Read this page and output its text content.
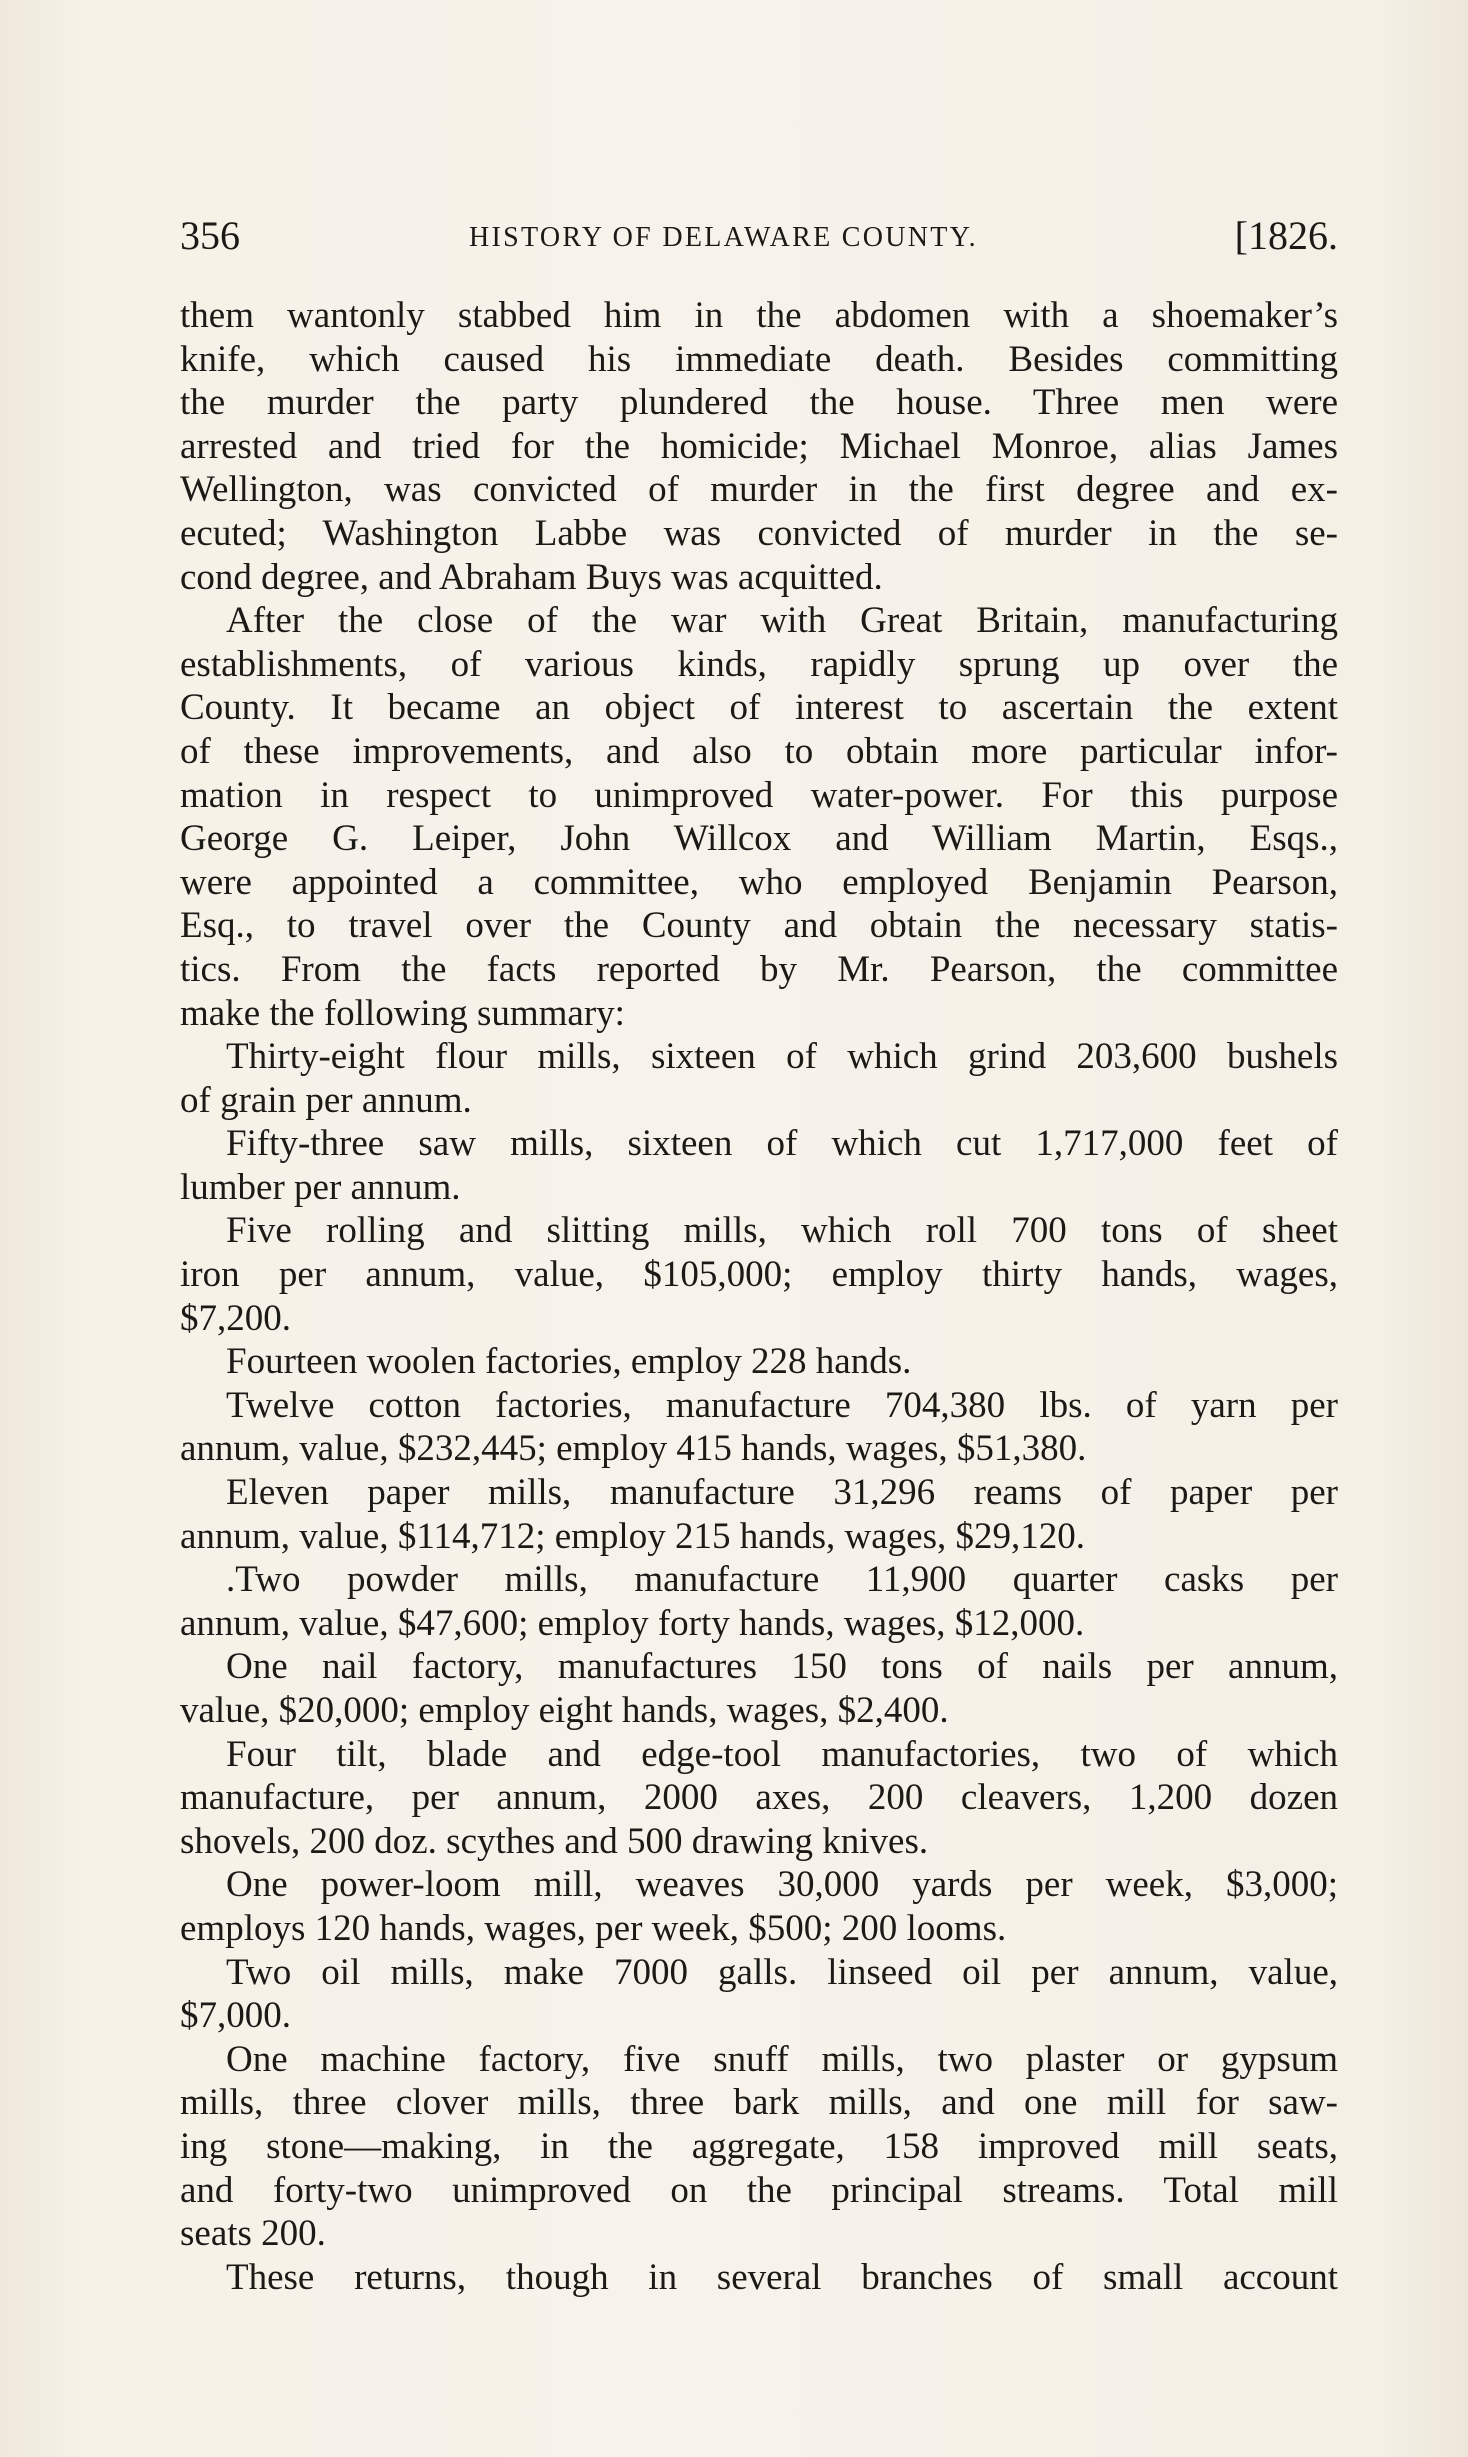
356	HISTORY OF DELAWARE COUNTY.	[1826.
them wantonly stabbed him in the abdomen with a shoemaker’s
knife, which caused his immediate death. Besides committing
the murder the party plundered the house. Three men were
arrested and tried for the homicide; Michael Monroe, alias James
Wellington, was convicted of murder in the first degree and ex-
ecuted; Washington Labbe was convicted of murder in the se-
cond degree, and Abraham Buys was acquitted.
After the close of the war with Great Britain, manufacturing
establishments, of various kinds, rapidly sprung up over the
County. It became an object of interest to ascertain the extent
of these improvements, and also to obtain more particular infor-
mation in respect to unimproved water-power. For this purpose
George G. Leiper, John Willcox and William Martin, Esqs.,
were appointed a committee, who employed Benjamin Pearson,
Esq., to travel over the County and obtain the necessary statis-
tics. From the facts reported by Mr. Pearson, the committee
make the following summary:
Thirty-eight flour mills, sixteen of which grind 203,600 bushels
of grain per annum.
Fifty-three saw mills, sixteen of which cut 1,717,000 feet of
lumber per annum.
Five rolling and slitting mills, which roll 700 tons of sheet
iron per annum, value, $105,000; employ thirty hands, wages,
$7,200.
Fourteen woolen factories, employ 228 hands.
Twelve cotton factories, manufacture 704,380 lbs. of yarn per
annum, value, $232,445; employ 415 hands, wages, $51,380.
Eleven paper mills, manufacture 31,296 reams of paper per
annum, value, $114,712; employ 215 hands, wages, $29,120.
.Two powder mills, manufacture 11,900 quarter casks per
annum, value, $47,600; employ forty hands, wages, $12,000.
One nail factory, manufactures 150 tons of nails per annum,
value, $20,000; employ eight hands, wages, $2,400.
Four tilt, blade and edge-tool manufactories, two of which
manufacture, per annum, 2000 axes, 200 cleavers, 1,200 dozen
shovels, 200 doz. scythes and 500 drawing knives.
One power-loom mill, weaves 30,000 yards per week, $3,000;
employs 120 hands, wages, per week, $500; 200 looms.
Two oil mills, make 7000 galls. linseed oil per annum, value,
$7,000.
One machine factory, five snuff mills, two plaster or gypsum
mills, three clover mills, three bark mills, and one mill for saw-
ing stone—making, in the aggregate, 158 improved mill seats,
and forty-two unimproved on the principal streams. Total mill
seats 200.
These returns, though in several branches of small account
